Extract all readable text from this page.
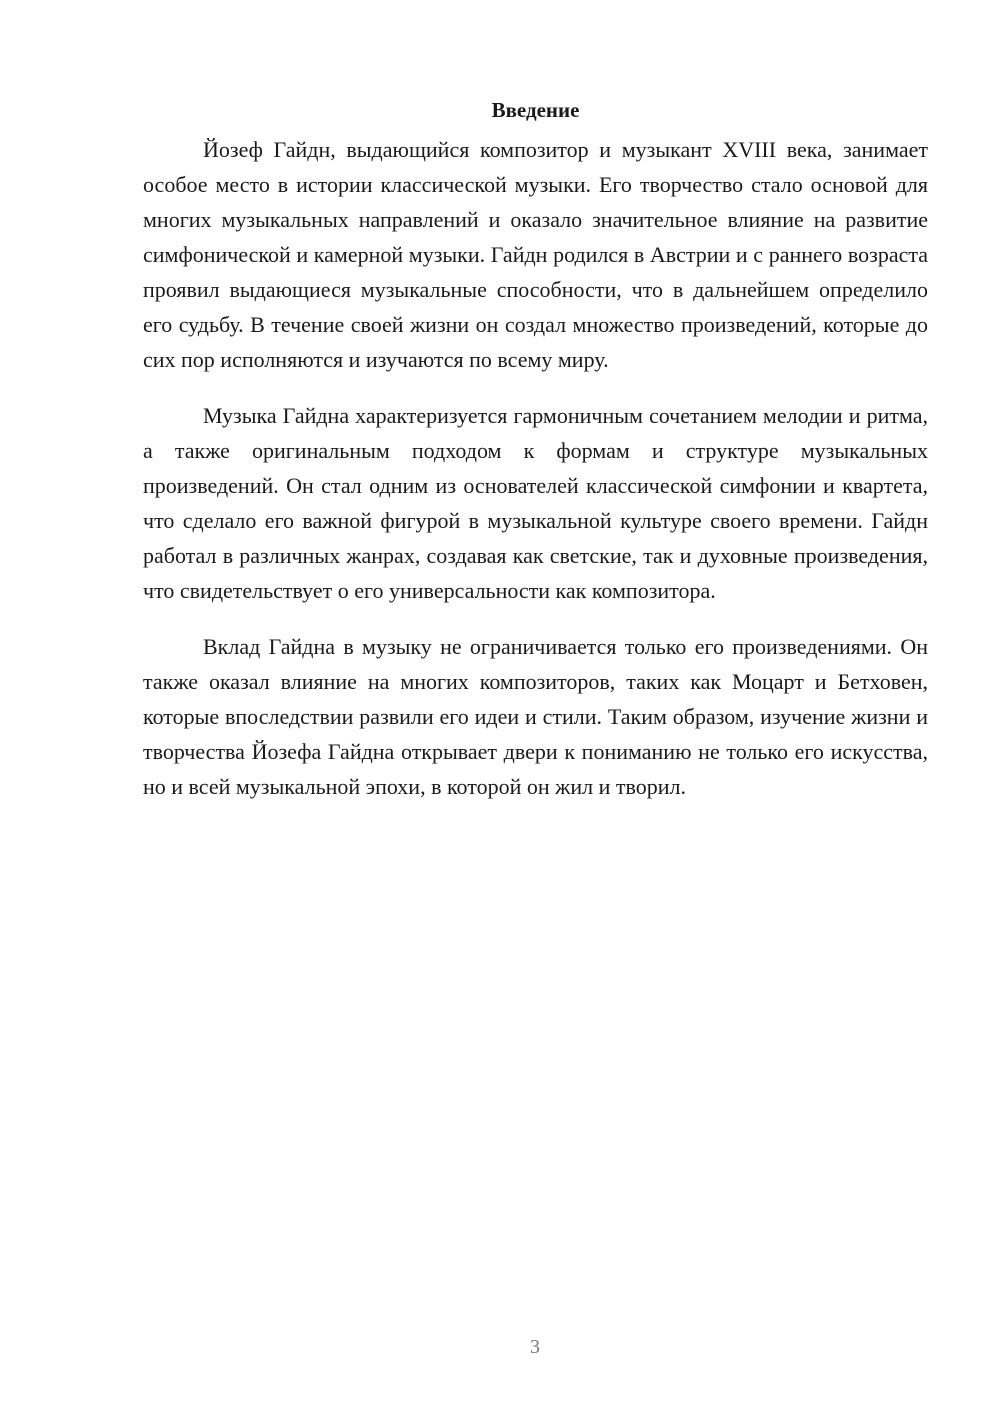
Введение

Йозеф Гайдн, выдающийся композитор и музыкант XVIII века, занимает особое место в истории классической музыки. Его творчество стало основой для многих музыкальных направлений и оказало значительное влияние на развитие симфонической и камерной музыки. Гайдн родился в Австрии и с раннего возраста проявил выдающиеся музыкальные способности, что в дальнейшем определило его судьбу. В течение своей жизни он создал множество произведений, которые до сих пор исполняются и изучаются по всему миру.

Музыка Гайдна характеризуется гармоничным сочетанием мелодии и ритма, а также оригинальным подходом к формам и структуре музыкальных произведений. Он стал одним из основателей классической симфонии и квартета, что сделало его важной фигурой в музыкальной культуре своего времени. Гайдн работал в различных жанрах, создавая как светские, так и духовные произведения, что свидетельствует о его универсальности как композитора.

Вклад Гайдна в музыку не ограничивается только его произведениями. Он также оказал влияние на многих композиторов, таких как Моцарт и Бетховен, которые впоследствии развили его идеи и стили. Таким образом, изучение жизни и творчества Йозефа Гайдна открывает двери к пониманию не только его искусства, но и всей музыкальной эпохи, в которой он жил и творил.

3
